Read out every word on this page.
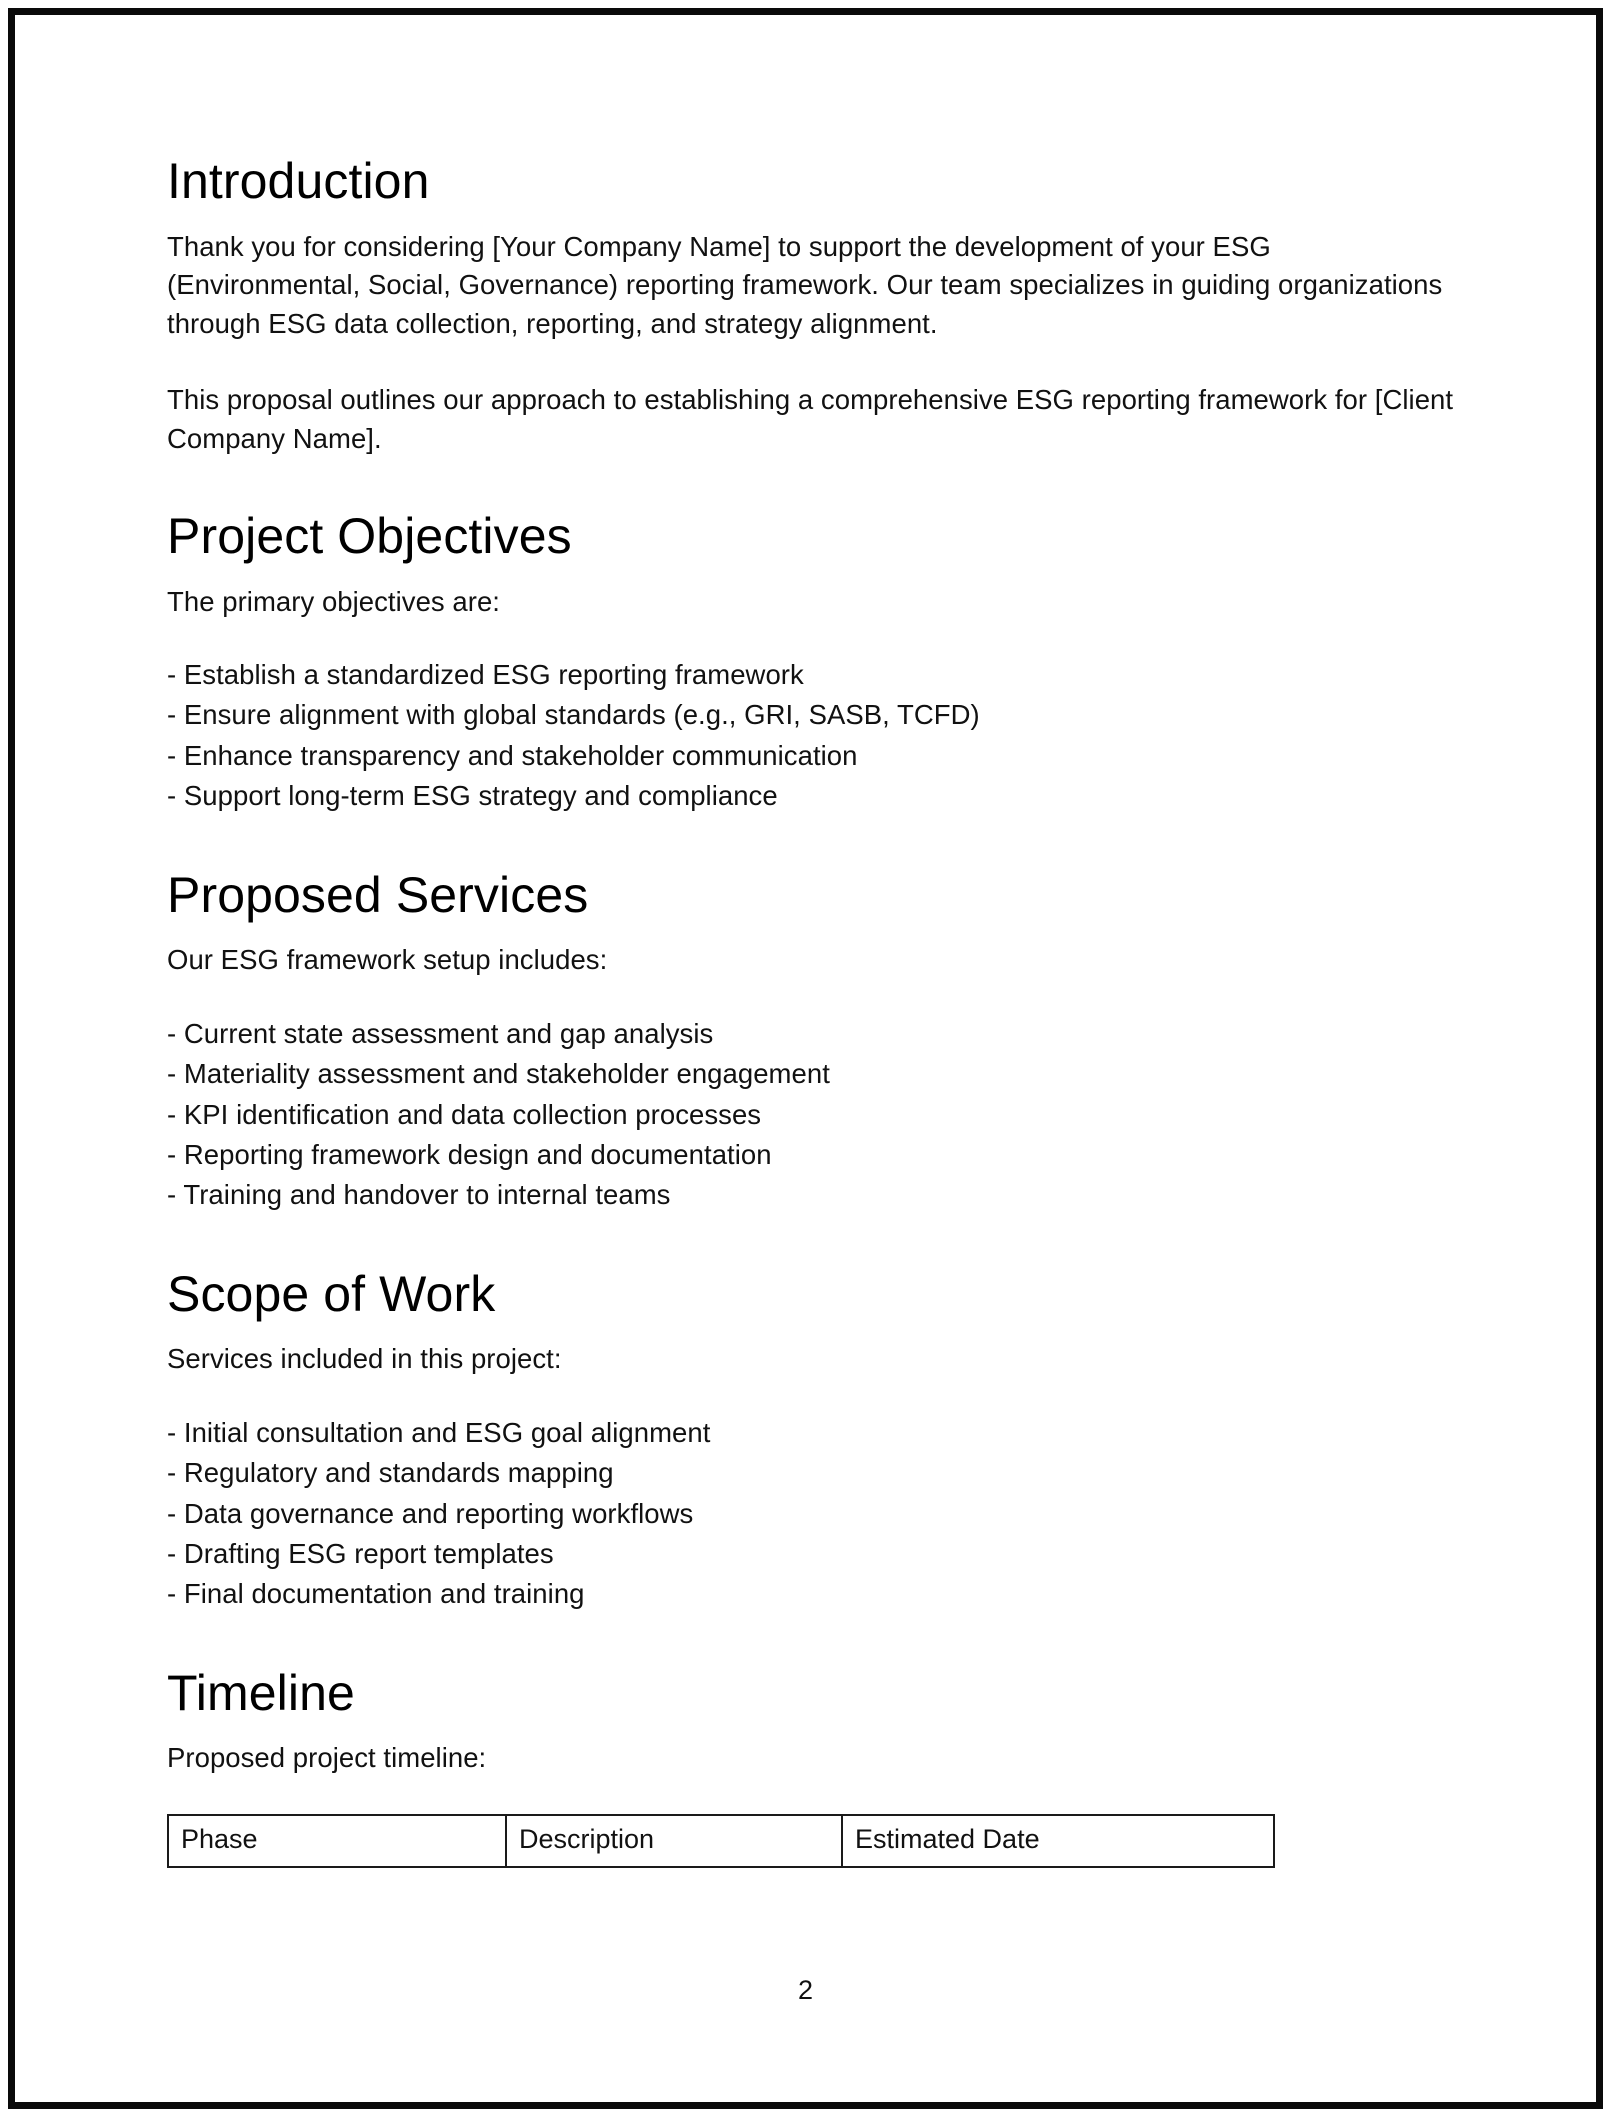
Introduction

Thank you for considering [Your Company Name] to support the development of your ESG (Environmental, Social, Governance) reporting framework. Our team specializes in guiding organizations through ESG data collection, reporting, and strategy alignment.

This proposal outlines our approach to establishing a comprehensive ESG reporting framework for [Client Company Name].

Project Objectives

The primary objectives are:

- Establish a standardized ESG reporting framework
- Ensure alignment with global standards (e.g., GRI, SASB, TCFD)
- Enhance transparency and stakeholder communication
- Support long-term ESG strategy and compliance
Proposed Services

Our ESG framework setup includes:

- Current state assessment and gap analysis
- Materiality assessment and stakeholder engagement
- KPI identification and data collection processes
- Reporting framework design and documentation
- Training and handover to internal teams
Scope of Work

Services included in this project:

- Initial consultation and ESG goal alignment
- Regulatory and standards mapping
- Data governance and reporting workflows
- Drafting ESG report templates
- Final documentation and training
Timeline

Proposed project timeline:

Phase	Description	Estimated Date
2
